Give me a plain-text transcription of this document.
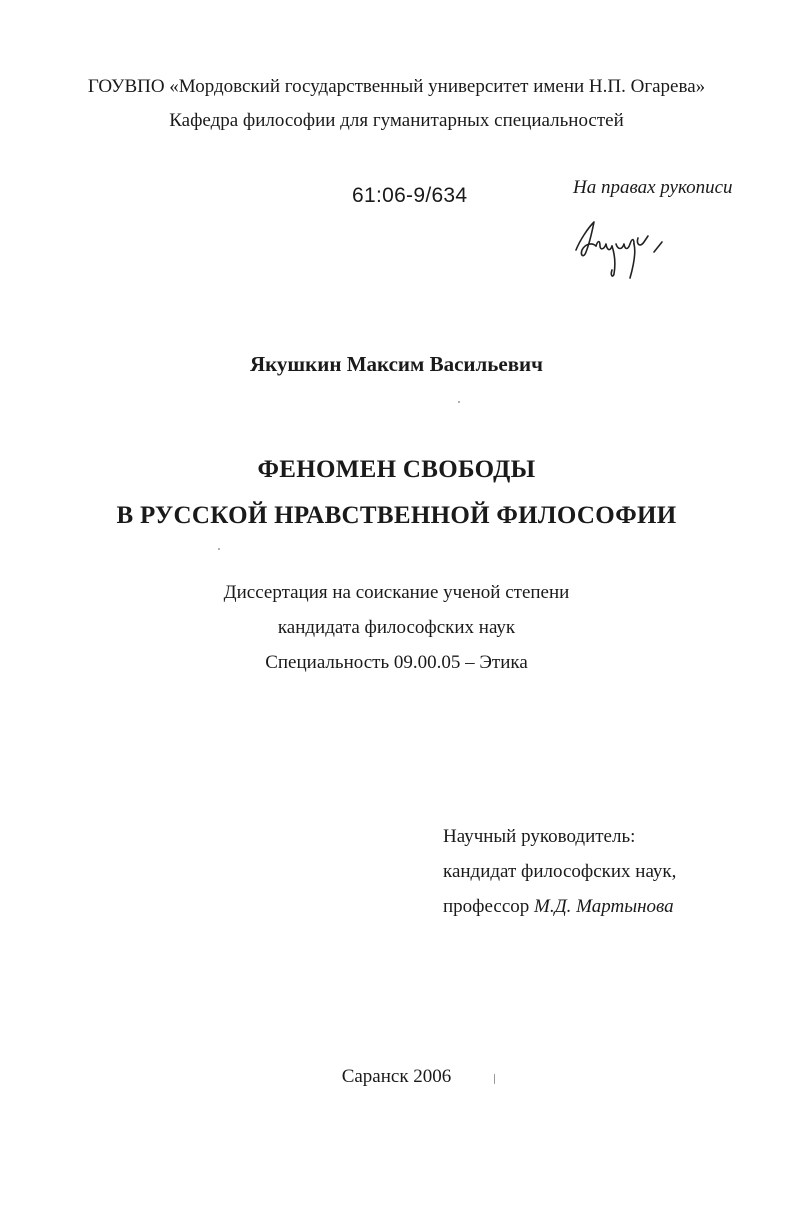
ГОУВПО «Мордовский государственный университет имени Н.П. Огарева»
Кафедра философии для гуманитарных специальностей
61:06-9/634	На правах рукописи
Якушкин Максим Васильевич
ФЕНОМЕН СВОБОДЫ
В РУССКОЙ НРАВСТВЕННОЙ ФИЛОСОФИИ
Диссертация на соискание ученой степени
кандидата философских наук
Специальность 09.00.05 – Этика
Научный руководитель:
кандидат философских наук,
профессор М.Д. Мартынова
Саранск 2006
